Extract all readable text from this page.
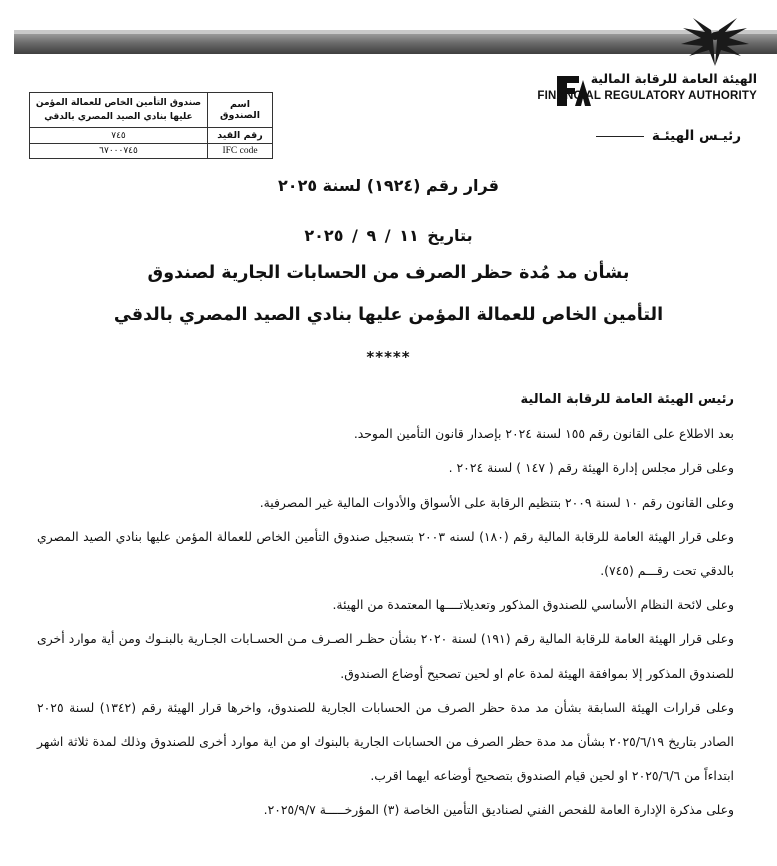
الهيئة العامة للرقابة المالية
FINANCIAL REGULATORY AUTHORITY
رئيـس الهيئـة
اسم الصندوق	صندوق التأمين الخاص للعمالة المؤمن عليها بنادي الصيد المصري بالدقي
رقم القيد	٧٤٥
IFC code	٦٧٠٠٠٧٤٥
قرار رقم (١٩٢٤) لسنة ٢٠٢٥
بتاريخ ١١ / ٩ / ٢٠٢٥
بشأن مد مُدة حظر الصرف من الحسابات الجارية لصندوق
التأمين الخاص للعمالة المؤمن عليها بنادي الصيد المصري بالدقي
*****

رئيس الهيئة العامة للرقابة المالية

بعد الاطلاع على القانون رقم ١٥٥ لسنة ٢٠٢٤ بإصدار قانون التأمين الموحد.

وعلى قرار مجلس إدارة الهيئة رقم ( ١٤٧ ) لسنة ٢٠٢٤ .

وعلى القانون رقم ١٠ لسنة ٢٠٠٩ بتنظيم الرقابة على الأسواق والأدوات المالية غير المصرفية.

وعلى قرار الهيئة العامة للرقابة المالية رقم (١٨٠) لسنه ٢٠٠٣ بتسجيل صندوق التأمين الخاص للعمالة المؤمن عليها بنادي الصيد المصري بالدقي تحت رقـــم (٧٤٥).

وعلى لائحة النظام الأساسي للصندوق المذكور وتعديلاتــــها المعتمدة من الهيئة.

وعلى قرار الهيئة العامة للرقابة المالية رقم (١٩١) لسنة ٢٠٢٠ بشأن حظـر الصـرف مـن الحسـابات الجـارية بالبنـوك ومن أية موارد أخرى للصندوق المذكور إلا بموافقة الهيئة لمدة عام او لحين تصحيح أوضاع الصندوق.

وعلى قرارات الهيئة السابقة بشأن مد مدة حظر الصرف من الحسابات الجارية للصندوق، واخرها قرار الهيئة رقم (١٣٤٢) لسنة ٢٠٢٥ الصادر بتاريخ ٢٠٢٥/٦/١٩ بشأن مد مدة حظر الصرف من الحسابات الجارية بالبنوك او من اية موارد أخرى للصندوق وذلك لمدة ثلاثة اشهر ابتداءاً من ٢٠٢٥/٦/٦ او لحين قيام الصندوق بتصحيح أوضاعه ايهما اقرب.

وعلى مذكرة الإدارة العامة للفحص الفني لصناديق التأمين الخاصة (٣) المؤرخـــــة ٢٠٢٥/٩/٧.
